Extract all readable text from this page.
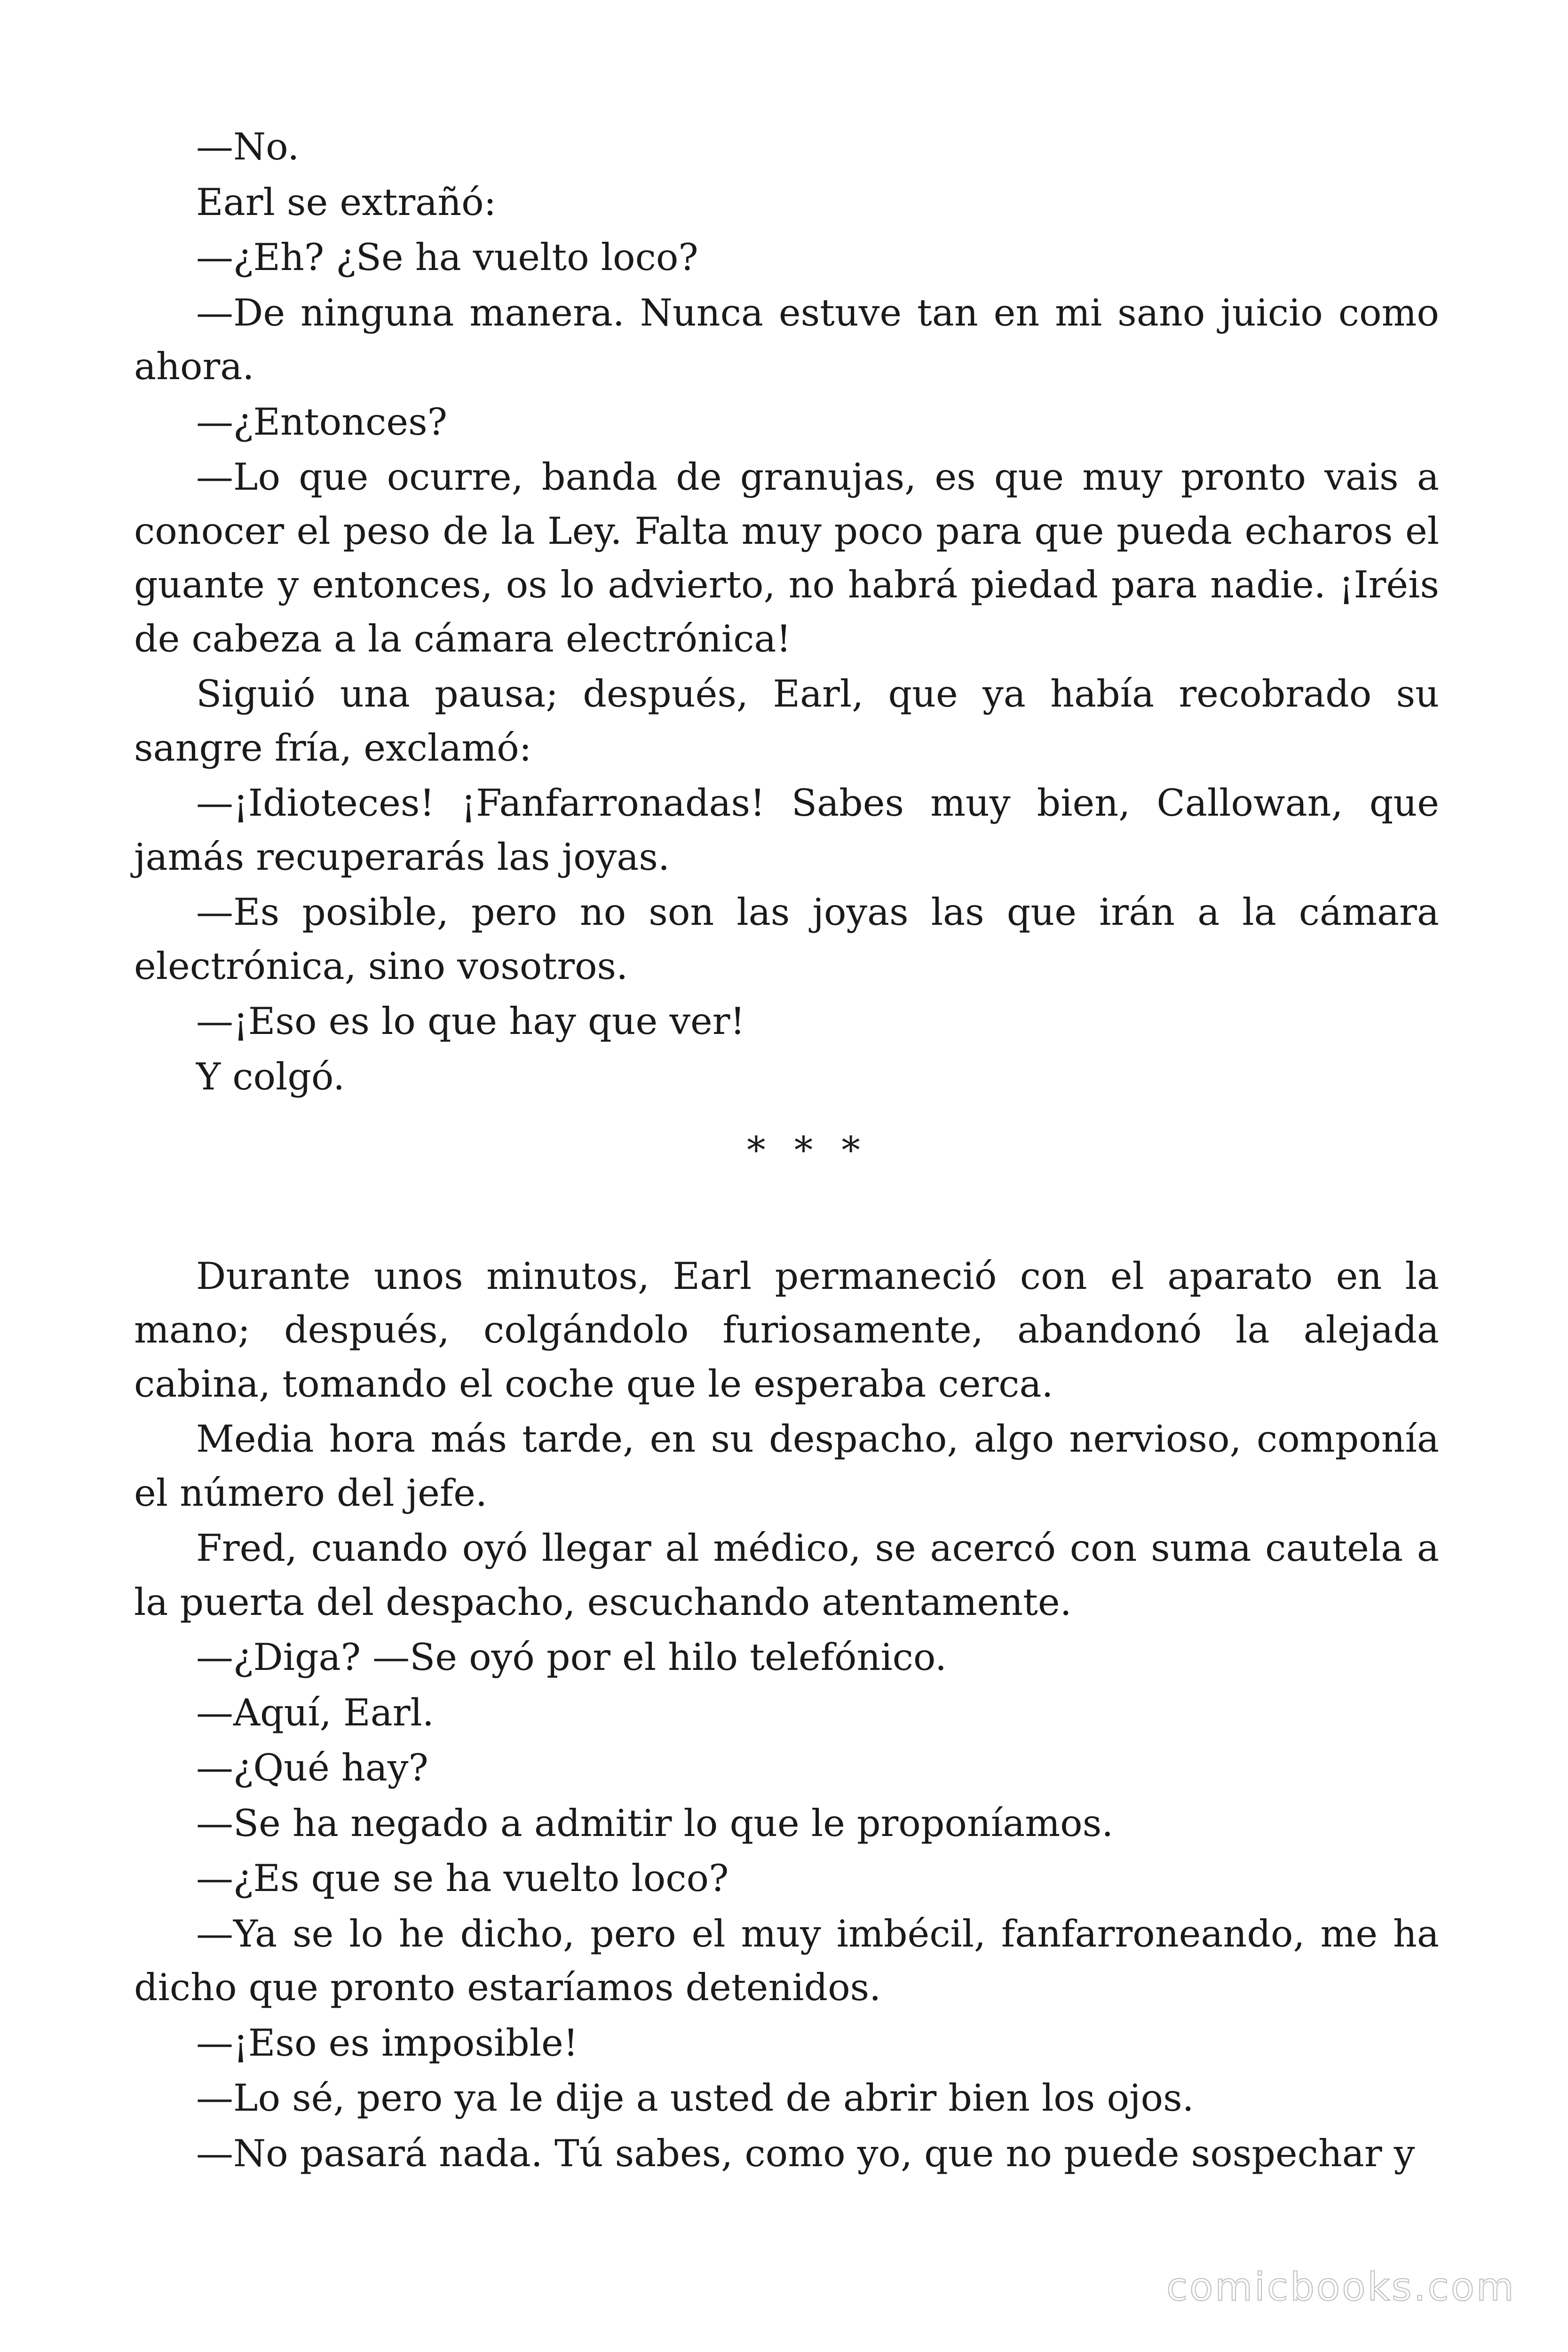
—No.

Earl se extrañó:

—¿Eh? ¿Se ha vuelto loco?

—De ninguna manera. Nunca estuve tan en mi sano juicio como ahora.

—¿Entonces?

—Lo que ocurre, banda de granujas, es que muy pronto vais a conocer el peso de la Ley. Falta muy poco para que pueda echaros el guante y entonces, os lo advierto, no habrá piedad para nadie. ¡Iréis de cabeza a la cámara electrónica!

Siguió una pausa; después, Earl, que ya había recobrado su sangre fría, exclamó:

—¡Idioteces! ¡Fanfarronadas! Sabes muy bien, Callowan, que jamás recuperarás las joyas.

—Es posible, pero no son las joyas las que irán a la cámara electrónica, sino vosotros.

—¡Eso es lo que hay que ver!

Y colgó.

* * *

Durante unos minutos, Earl permaneció con el aparato en la mano; después, colgándolo furiosamente, abandonó la alejada cabina, tomando el coche que le esperaba cerca.

Media hora más tarde, en su despacho, algo nervioso, componía el número del jefe.

Fred, cuando oyó llegar al médico, se acercó con suma cautela a la puerta del despacho, escuchando atentamente.

—¿Diga? —Se oyó por el hilo telefónico.

—Aquí, Earl.

—¿Qué hay?

—Se ha negado a admitir lo que le proponíamos.

—¿Es que se ha vuelto loco?

—Ya se lo he dicho, pero el muy imbécil, fanfarroneando, me ha dicho que pronto estaríamos detenidos.

—¡Eso es imposible!

—Lo sé, pero ya le dije a usted de abrir bien los ojos.

—No pasará nada. Tú sabes, como yo, que no puede sospechar y

comicbooks.com
